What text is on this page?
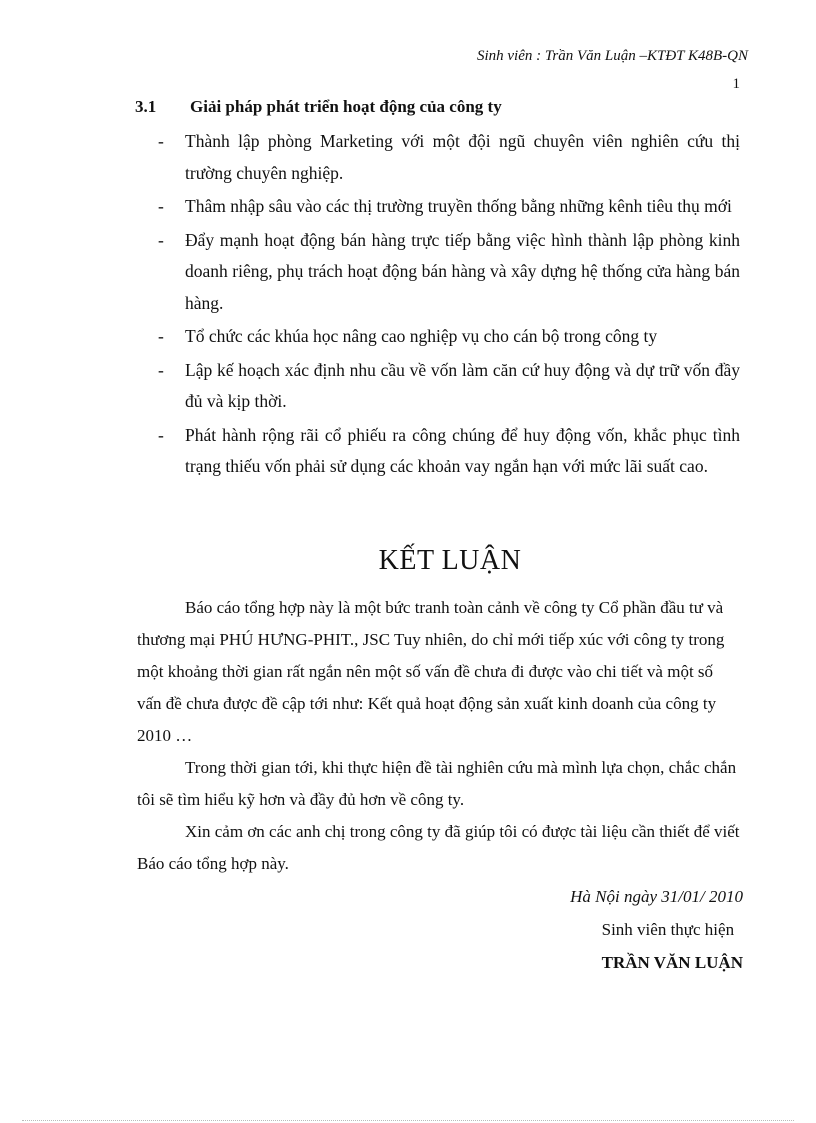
Sinh viên : Trần Văn Luận –KTĐT K48B-QN
1
3.1 Giải pháp phát triển hoạt động của công ty
- Thành lập phòng Marketing với một đội ngũ chuyên viên nghiên cứu thị trường chuyên nghiệp.
- Thâm nhập sâu vào các thị trường truyền thống bằng những kênh tiêu thụ mới
- Đẩy mạnh hoạt động bán hàng trực tiếp bằng việc hình thành lập phòng kinh doanh riêng, phụ trách hoạt động bán hàng và xây dựng hệ thống cửa hàng bán hàng.
- Tổ chức các khúa học nâng cao nghiệp vụ cho cán bộ trong công ty
- Lập kế hoạch xác định nhu cầu về vốn làm căn cứ huy động và dự trữ vốn đầy đủ và kịp thời.
- Phát hành rộng rãi cổ phiếu ra công chúng để huy động vốn, khắc phục tình trạng thiếu vốn phải sử dụng các khoản vay ngắn hạn với mức lãi suất cao.
KẾT LUẬN

Báo cáo tổng hợp này là một bức tranh toàn cảnh về công ty Cổ phần đầu tư và thương mại PHÚ HƯNG-PHIT., JSC Tuy nhiên, do chỉ mới tiếp xúc với công ty trong một khoảng thời gian rất ngắn nên một số vấn đề chưa đi được vào chi tiết và một số vấn đề chưa được đề cập tới như: Kết quả hoạt động sản xuất kinh doanh của công ty 2010 …

Trong thời gian tới, khi thực hiện đề tài nghiên cứu mà mình lựa chọn, chắc chắn tôi sẽ tìm hiểu kỹ hơn và đầy đủ hơn về công ty.

Xin cảm ơn các anh chị trong công ty đã giúp tôi có được tài liệu cần thiết để viết Báo cáo tổng hợp này.

Hà Nội ngày 31/01/ 2010
Sinh viên thực hiện
TRẦN VĂN LUẬN
